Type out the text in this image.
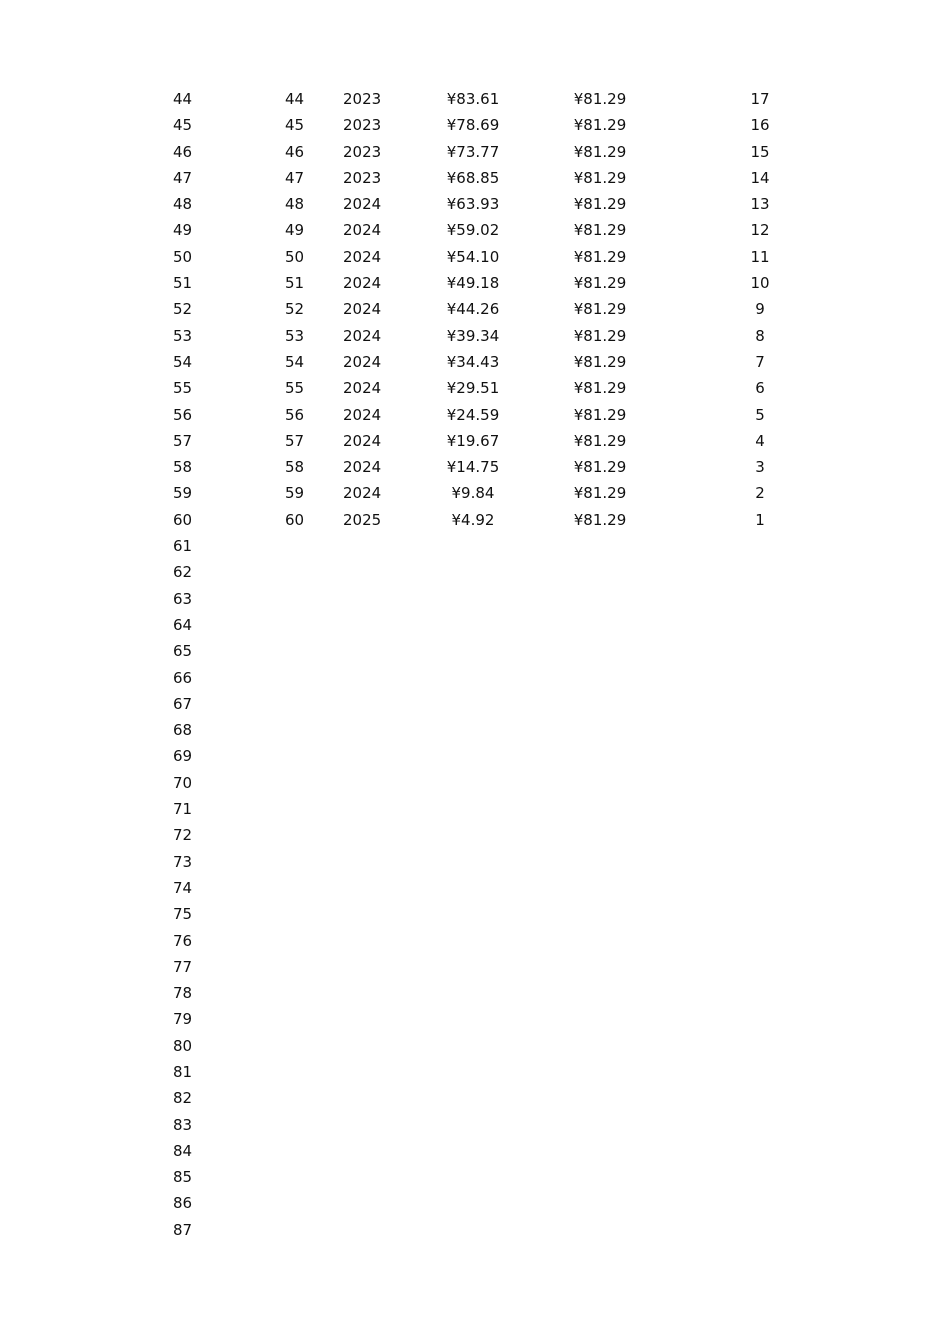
44	44	2023	¥83.61	¥81.29	17
45	45	2023	¥78.69	¥81.29	16
46	46	2023	¥73.77	¥81.29	15
47	47	2023	¥68.85	¥81.29	14
48	48	2024	¥63.93	¥81.29	13
49	49	2024	¥59.02	¥81.29	12
50	50	2024	¥54.10	¥81.29	11
51	51	2024	¥49.18	¥81.29	10
52	52	2024	¥44.26	¥81.29	9
53	53	2024	¥39.34	¥81.29	8
54	54	2024	¥34.43	¥81.29	7
55	55	2024	¥29.51	¥81.29	6
56	56	2024	¥24.59	¥81.29	5
57	57	2024	¥19.67	¥81.29	4
58	58	2024	¥14.75	¥81.29	3
59	59	2024	¥9.84	¥81.29	2
60	60	2025	¥4.92	¥81.29	1
61
62
63
64
65
66
67
68
69
70
71
72
73
74
75
76
77
78
79
80
81
82
83
84
85
86
87
